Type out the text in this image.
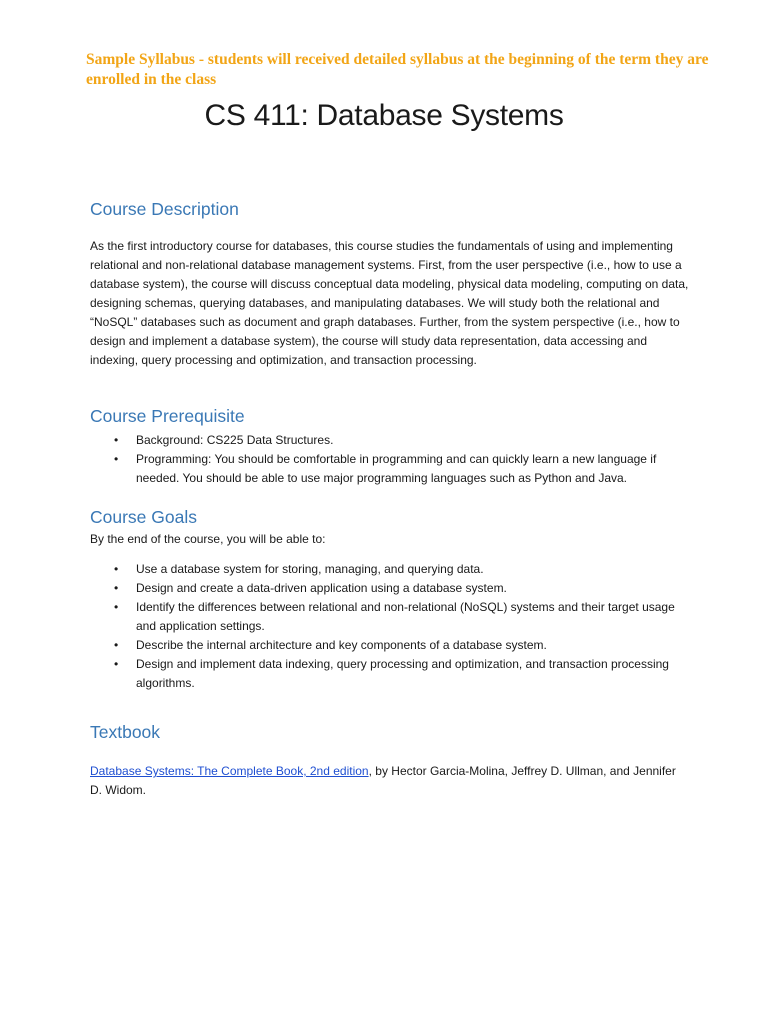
Sample Syllabus - students will received detailed syllabus at the beginning of the term they are enrolled in the class
CS 411: Database Systems
Course Description
As the first introductory course for databases, this course studies the fundamentals of using and implementing relational and non-relational database management systems. First, from the user perspective (i.e., how to use a database system), the course will discuss conceptual data modeling, physical data modeling, computing on data, designing schemas, querying databases, and manipulating databases. We will study both the relational and “NoSQL” databases such as document and graph databases. Further, from the system perspective (i.e., how to design and implement a database system), the course will study data representation, data accessing and indexing, query processing and optimization, and transaction processing.
Course Prerequisite
• Background: CS225 Data Structures.
• Programming: You should be comfortable in programming and can quickly learn a new language if needed. You should be able to use major programming languages such as Python and Java.
Course Goals
By the end of the course, you will be able to:
• Use a database system for storing, managing, and querying data.
• Design and create a data-driven application using a database system.
• Identify the differences between relational and non-relational (NoSQL) systems and their target usage and application settings.
• Describe the internal architecture and key components of a database system.
• Design and implement data indexing, query processing and optimization, and transaction processing algorithms.
Textbook
Database Systems: The Complete Book, 2nd edition, by Hector Garcia-Molina, Jeffrey D. Ullman, and Jennifer D. Widom.
